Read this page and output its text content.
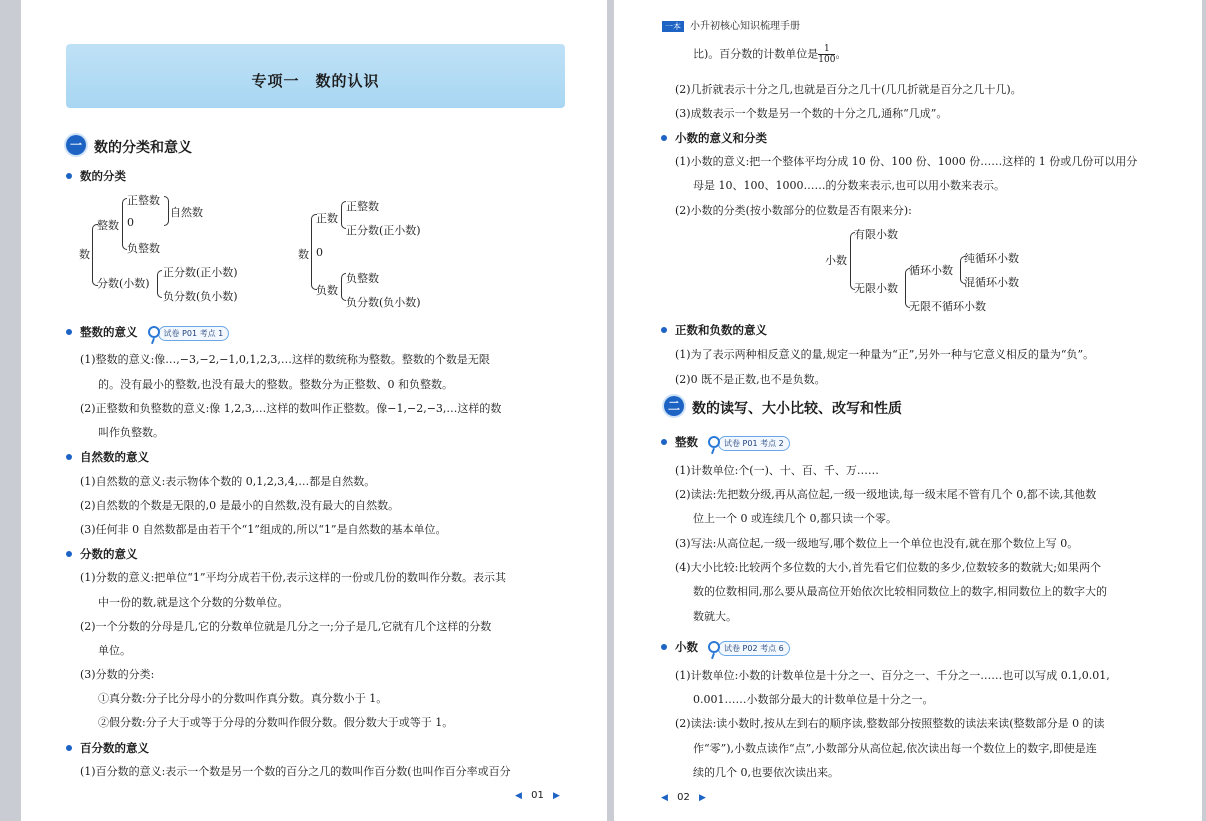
专项一　数的认识
一 数的分类和意义
数的分类
数
整数
正整数
0
自然数
负整数
分数(小数)
正分数(正小数)
负分数(负小数)
数
正数
正整数
正分数(正小数)
0
负数
负整数
负分数(负小数)
整数的意义	试卷 P01 考点 1
(1)整数的意义:像…,−3,−2,−1,0,1,2,3,…这样的数统称为整数。整数的个数是无限
的。没有最小的整数,也没有最大的整数。整数分为正整数、0 和负整数。
(2)正整数和负整数的意义:像 1,2,3,…这样的数叫作正整数。像−1,−2,−3,…这样的数
叫作负整数。
自然数的意义
(1)自然数的意义:表示物体个数的 0,1,2,3,4,…都是自然数。
(2)自然数的个数是无限的,0 是最小的自然数,没有最大的自然数。
(3)任何非 0 自然数都是由若干个“1”组成的,所以“1”是自然数的基本单位。
分数的意义
(1)分数的意义:把单位“1”平均分成若干份,表示这样的一份或几份的数叫作分数。表示其
中一份的数,就是这个分数的分数单位。
(2)一个分数的分母是几,它的分数单位就是几分之一;分子是几,它就有几个这样的分数
单位。
(3)分数的分类:
①真分数:分子比分母小的分数叫作真分数。真分数小于 1。
②假分数:分子大于或等于分母的分数叫作假分数。假分数大于或等于 1。
百分数的意义
(1)百分数的意义:表示一个数是另一个数的百分之几的数叫作百分数(也叫作百分率或百分
◀ 01 ▶
一本 小升初核心知识梳理手册
比)。百分数的计数单位是 $\frac{1}{100}$ 。
(2)几折就表示十分之几,也就是百分之几十(几几折就是百分之几十几)。
(3)成数表示一个数是另一个数的十分之几,通称“几成”。
小数的意义和分类
(1)小数的意义:把一个整体平均分成 10 份、100 份、1000 份……这样的 1 份或几份可以用分
母是 10、100、1000……的分数来表示,也可以用小数来表示。
(2)小数的分类(按小数部分的位数是否有限来分):
小数
有限小数
无限小数
循环小数
纯循环小数
混循环小数
无限不循环小数
正数和负数的意义
(1)为了表示两种相反意义的量,规定一种量为“正”,另外一种与它意义相反的量为“负”。
(2)0 既不是正数,也不是负数。
二 数的读写、大小比较、改写和性质
整数	试卷 P01 考点 2
(1)计数单位:个(一)、十、百、千、万……
(2)读法:先把数分级,再从高位起,一级一级地读,每一级末尾不管有几个 0,都不读,其他数
位上一个 0 或连续几个 0,都只读一个零。
(3)写法:从高位起,一级一级地写,哪个数位上一个单位也没有,就在那个数位上写 0。
(4)大小比较:比较两个多位数的大小,首先看它们位数的多少,位数较多的数就大;如果两个
数的位数相同,那么要从最高位开始依次比较相同数位上的数字,相同数位上的数字大的
数就大。
小数	试卷 P02 考点 6
(1)计数单位:小数的计数单位是十分之一、百分之一、千分之一……也可以写成 0.1,0.01,
0.001……小数部分最大的计数单位是十分之一。
(2)读法:读小数时,按从左到右的顺序读,整数部分按照整数的读法来读(整数部分是 0 的读
作“零”),小数点读作“点”,小数部分从高位起,依次读出每一个数位上的数字,即使是连
续的几个 0,也要依次读出来。
◀ 02 ▶
